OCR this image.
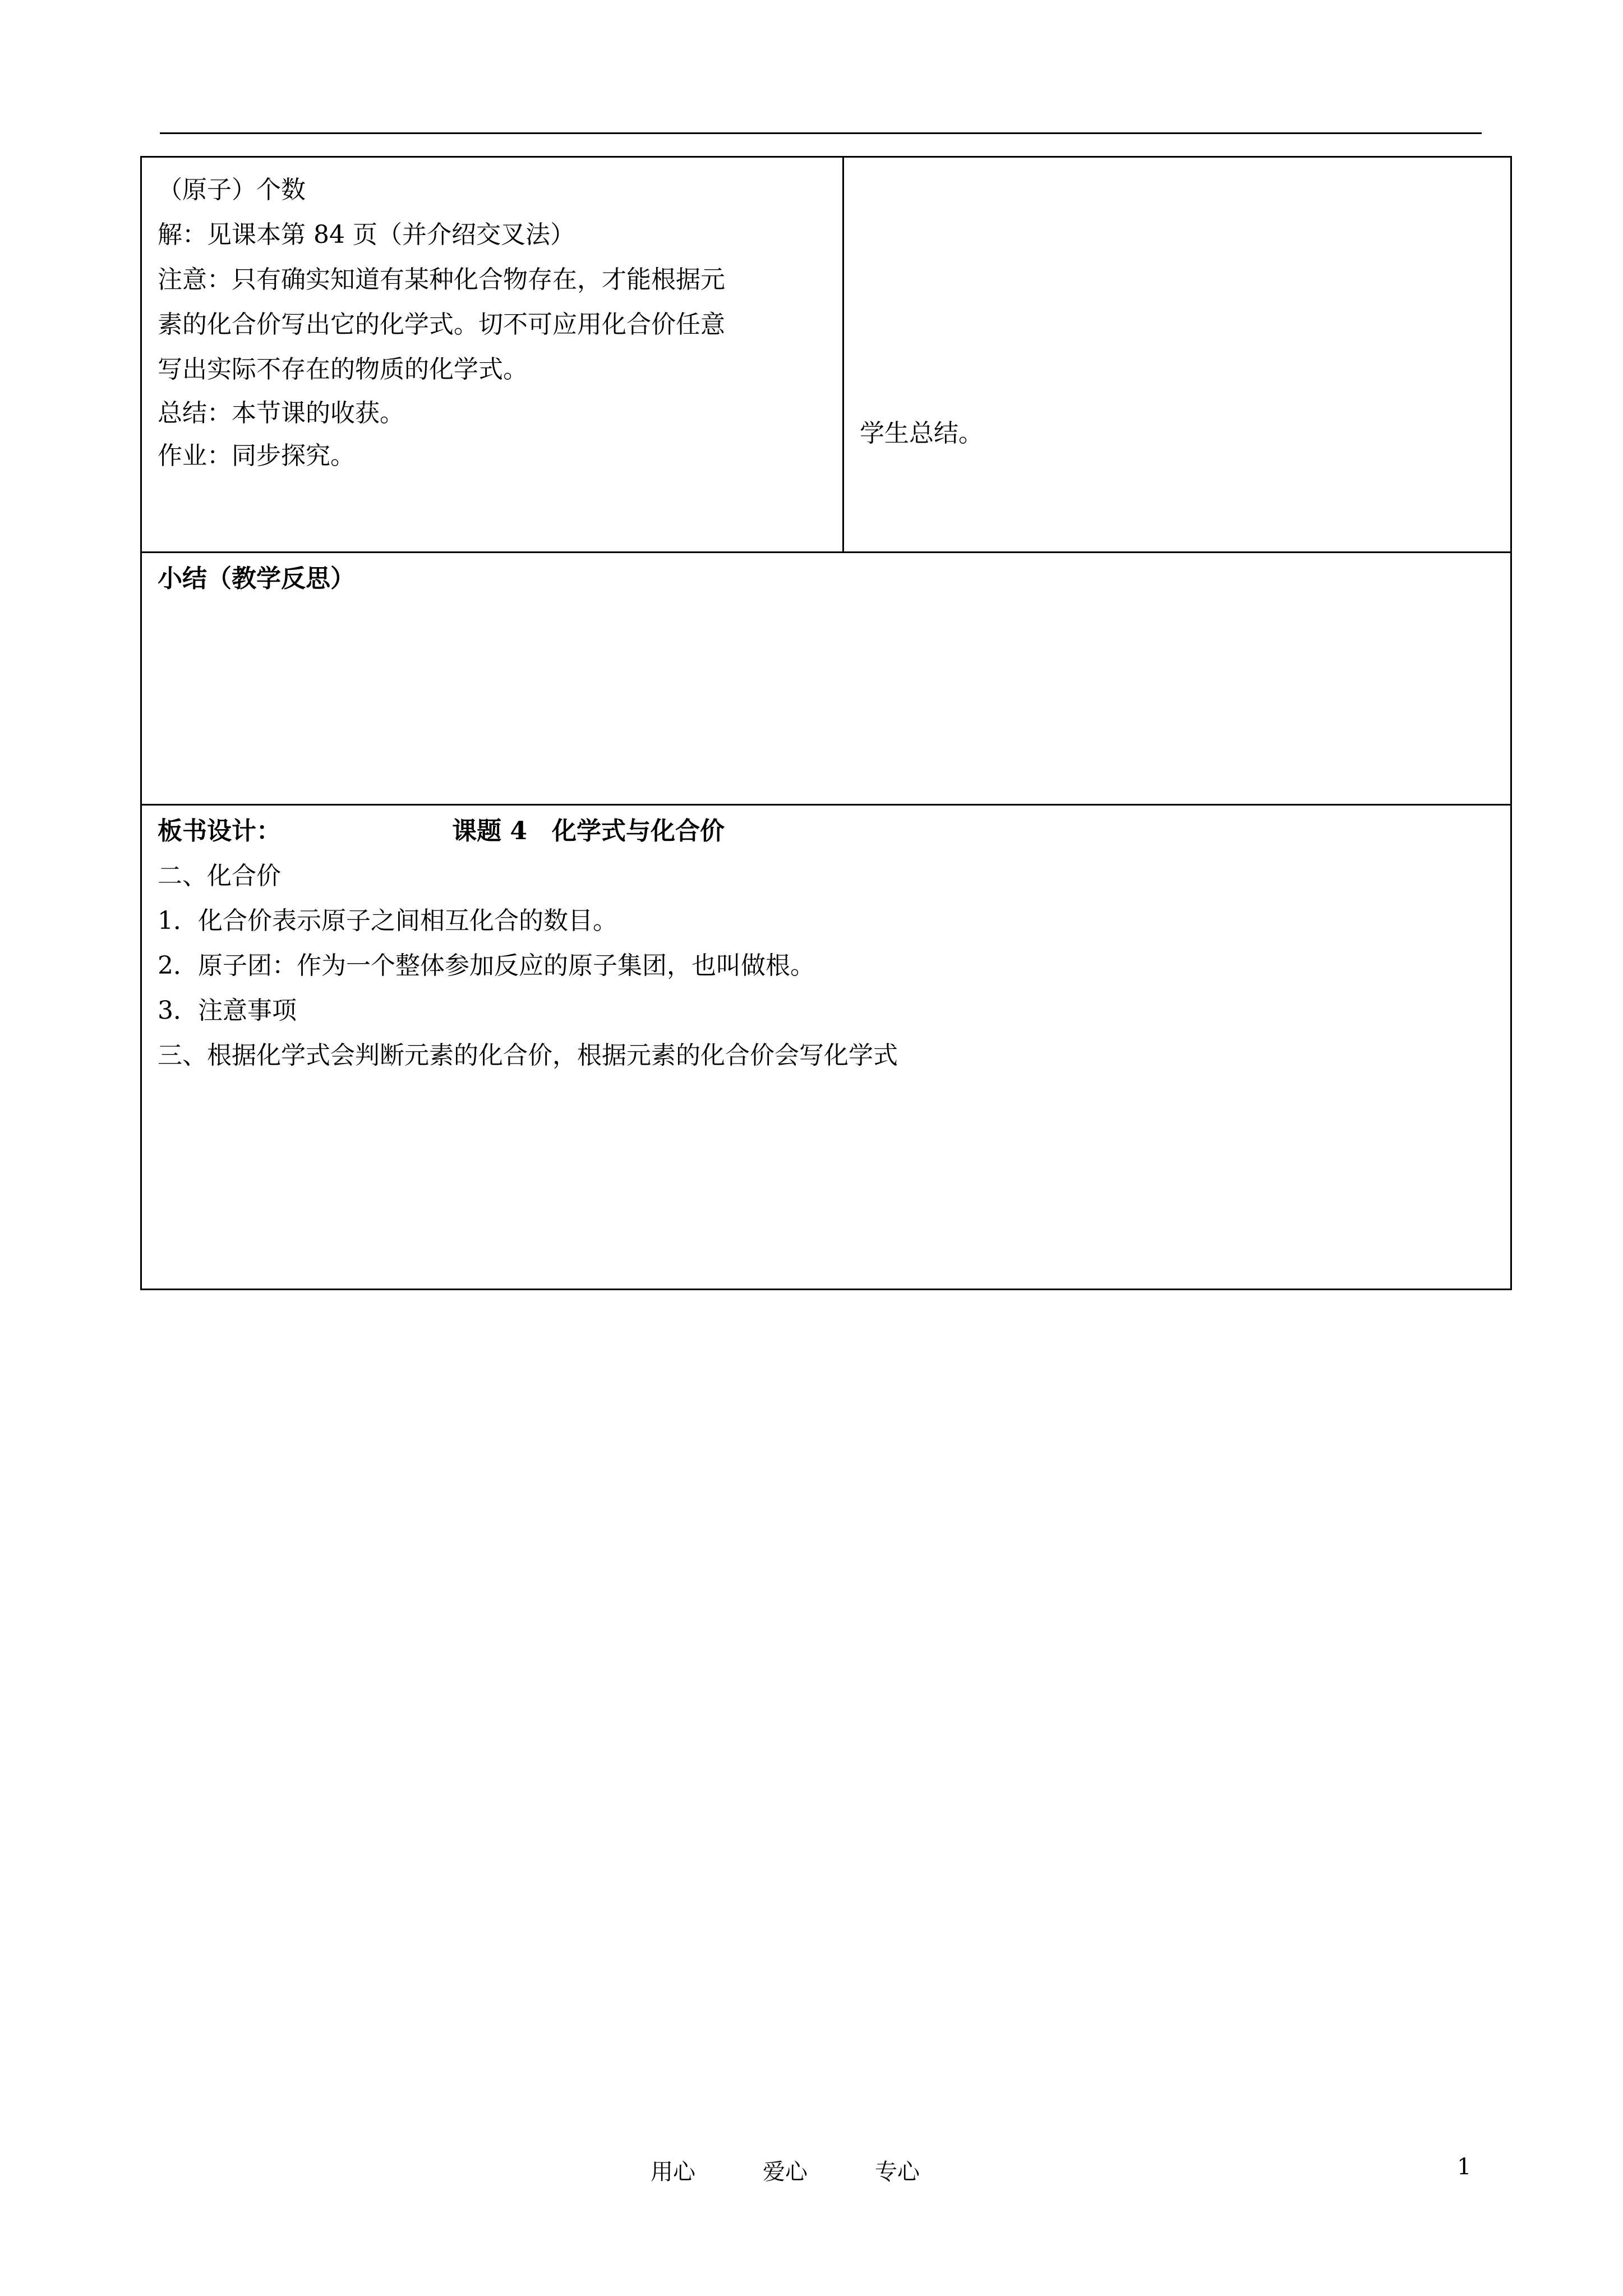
（原子）个数
解：见课本第 84 页（并介绍交叉法）
注意：只有确实知道有某种化合物存在，才能根据元
素的化合价写出它的化学式。切不可应用化合价任意
写出实际不存在的物质的化学式。
总结：本节课的收获。
作业：同步探究。
学生总结。
小结（教学反思）
板书设计：	课题 4　化学式与化合价
二、化合价
1．化合价表示原子之间相互化合的数目。
2．原子团：作为一个整体参加反应的原子集团，也叫做根。
3．注意事项
三、根据化学式会判断元素的化合价，根据元素的化合价会写化学式
用心	爱心	专心	1
